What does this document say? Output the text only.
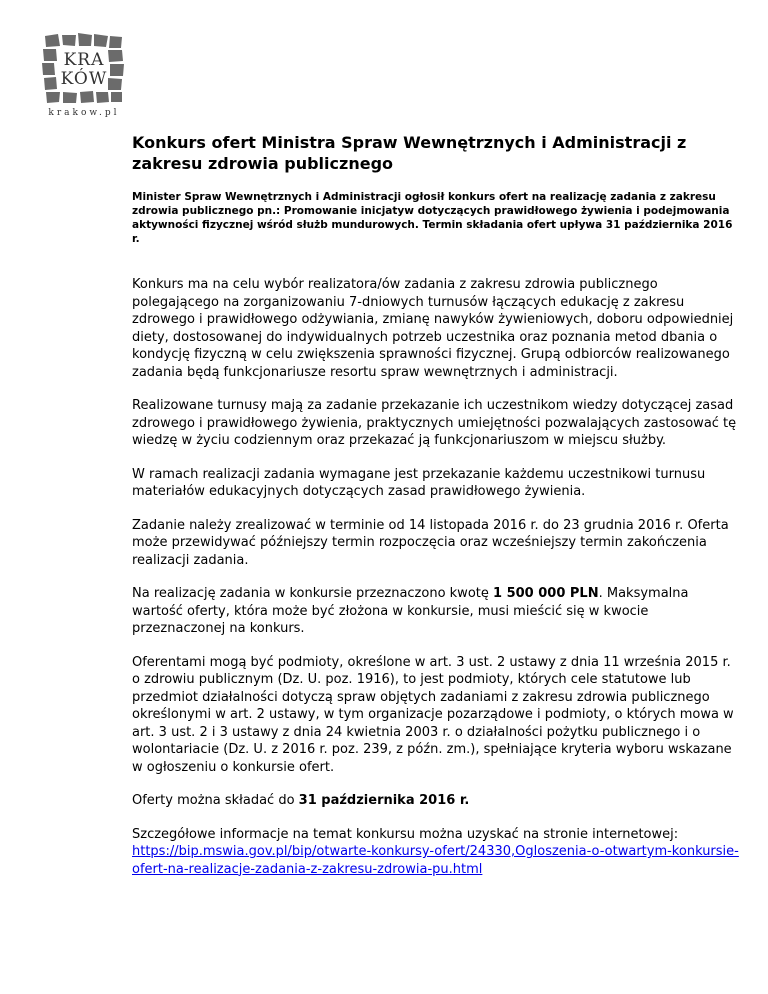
KRA
KÓW
krakow.pl
Konkurs ofert Ministra Spraw Wewnętrznych i Administracji z zakresu zdrowia publicznego

Minister Spraw Wewnętrznych i Administracji ogłosił konkurs ofert na realizację zadania z zakresu zdrowia publicznego pn.: Promowanie inicjatyw dotyczących prawidłowego żywienia i podejmowania aktywności fizycznej wśród służb mundurowych. Termin składania ofert upływa 31 października 2016 r.

Konkurs ma na celu wybór realizatora/ów zadania z zakresu zdrowia publicznego polegającego na zorganizowaniu 7-dniowych turnusów łączących edukację z zakresu zdrowego i prawidłowego odżywiania, zmianę nawyków żywieniowych, doboru odpowiedniej diety, dostosowanej do indywidualnych potrzeb uczestnika oraz poznania metod dbania o kondycję fizyczną w celu zwiększenia sprawności fizycznej. Grupą odbiorców realizowanego zadania będą funkcjonariusze resortu spraw wewnętrznych i administracji.

Realizowane turnusy mają za zadanie przekazanie ich uczestnikom wiedzy dotyczącej zasad zdrowego i prawidłowego żywienia, praktycznych umiejętności pozwalających zastosować tę wiedzę w życiu codziennym oraz przekazać ją funkcjonariuszom w miejscu służby.

W ramach realizacji zadania wymagane jest przekazanie każdemu uczestnikowi turnusu materiałów edukacyjnych dotyczących zasad prawidłowego żywienia.

Zadanie należy zrealizować w terminie od 14 listopada 2016 r. do 23 grudnia 2016 r. Oferta może przewidywać późniejszy termin rozpoczęcia oraz wcześniejszy termin zakończenia realizacji zadania.

Na realizację zadania w konkursie przeznaczono kwotę 1 500 000 PLN. Maksymalna wartość oferty, która może być złożona w konkursie, musi mieścić się w kwocie przeznaczonej na konkurs.

Oferentami mogą być podmioty, określone w art. 3 ust. 2 ustawy z dnia 11 września 2015 r. o zdrowiu publicznym (Dz. U. poz. 1916), to jest podmioty, których cele statutowe lub przedmiot działalności dotyczą spraw objętych zadaniami z zakresu zdrowia publicznego określonymi w art. 2 ustawy, w tym organizacje pozarządowe i podmioty, o których mowa w art. 3 ust. 2 i 3 ustawy z dnia 24 kwietnia 2003 r. o działalności pożytku publicznego i o wolontariacie (Dz. U. z 2016 r. poz. 239, z późn. zm.), spełniające kryteria wyboru wskazane w ogłoszeniu o konkursie ofert.

Oferty można składać do 31 października 2016 r.

Szczegółowe informacje na temat konkursu można uzyskać na stronie internetowej:
https://bip.mswia.gov.pl/bip/otwarte-konkursy-ofert/24330,Ogloszenia-o-otwartym-konkursie-ofert-na-realizacje-zadania-z-zakresu-zdrowia-pu.html
